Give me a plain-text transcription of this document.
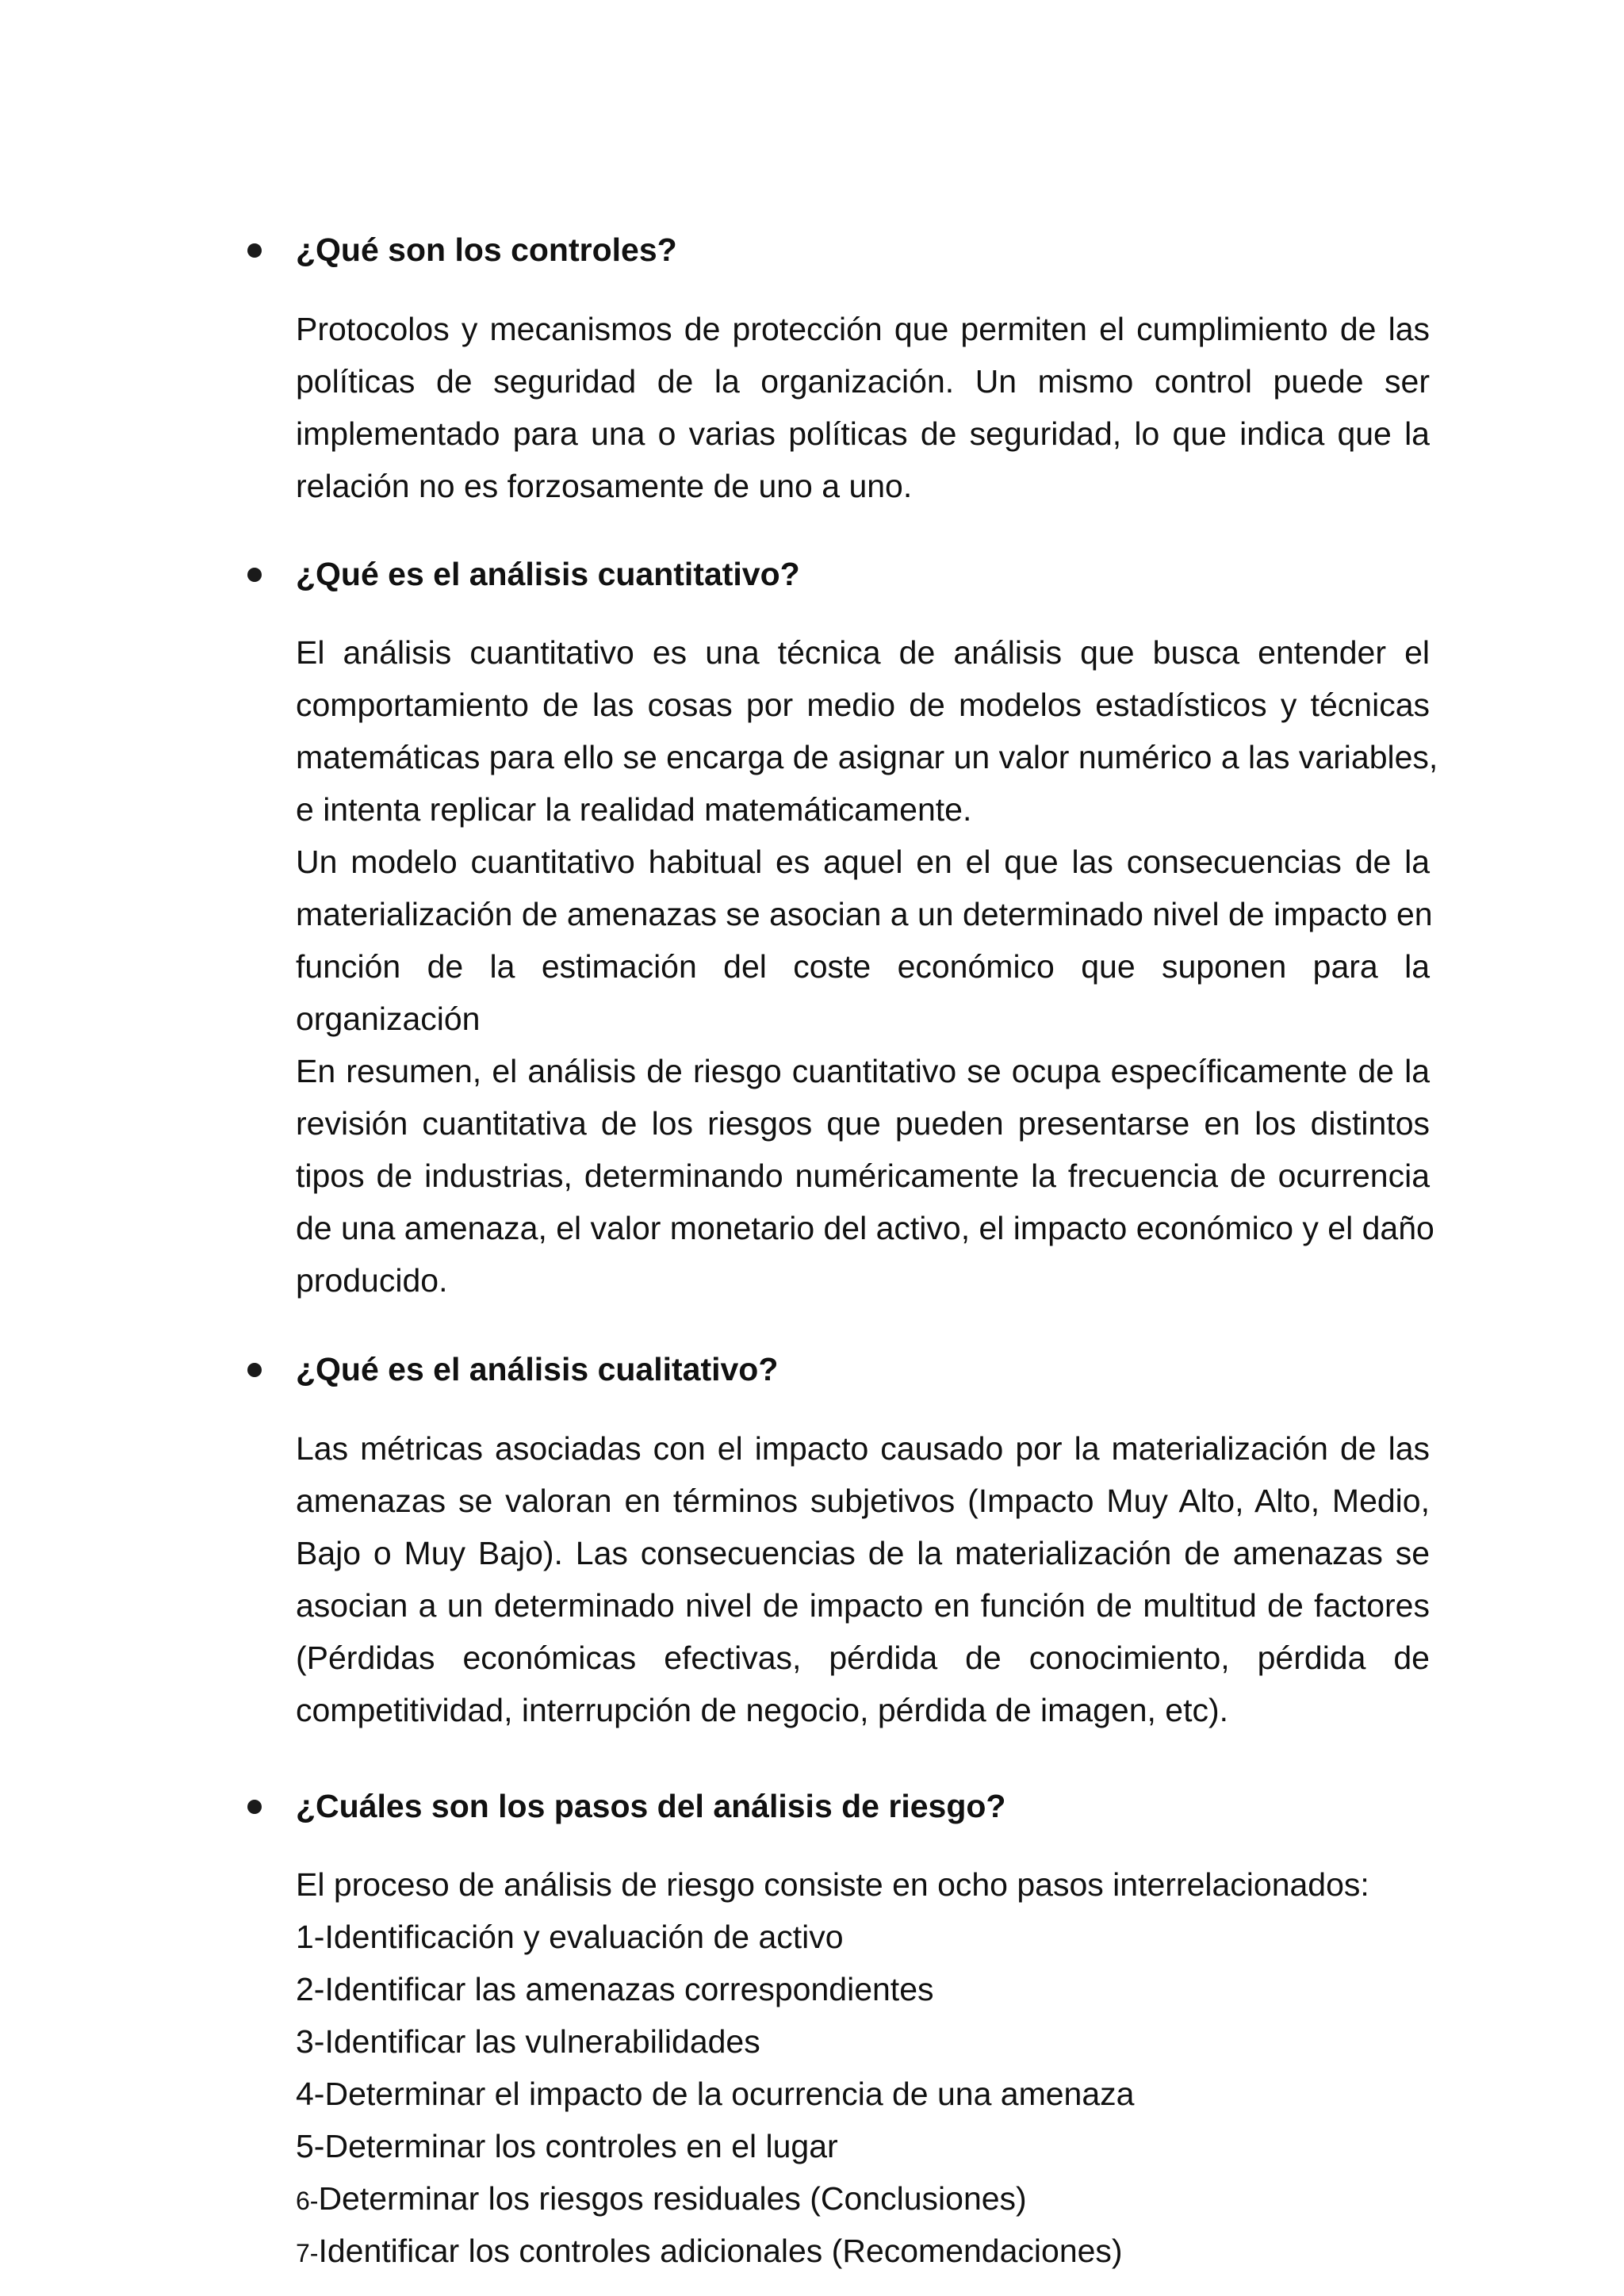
¿Qué son los controles?
Protocolos y mecanismos de protección que permiten el cumplimiento de las
políticas de seguridad de la organización. Un mismo control puede ser
implementado para una o varias políticas de seguridad, lo que indica que la
relación no es forzosamente de uno a uno.
¿Qué es el análisis cuantitativo?
El análisis cuantitativo es una técnica de análisis que busca entender el
comportamiento de las cosas por medio de modelos estadísticos y técnicas
matemáticas para ello se encarga de asignar un valor numérico a las variables,
e intenta replicar la realidad matemáticamente.
Un modelo cuantitativo habitual es aquel en el que las consecuencias de la
materialización de amenazas se asocian a un determinado nivel de impacto en
función de la estimación del coste económico que suponen para la
organización
En resumen, el análisis de riesgo cuantitativo se ocupa específicamente de la
revisión cuantitativa de los riesgos que pueden presentarse en los distintos
tipos de industrias, determinando numéricamente la frecuencia de ocurrencia
de una amenaza, el valor monetario del activo, el impacto económico y el daño
producido.
¿Qué es el análisis cualitativo?
Las métricas asociadas con el impacto causado por la materialización de las
amenazas se valoran en términos subjetivos (Impacto Muy Alto, Alto, Medio,
Bajo o Muy Bajo). Las consecuencias de la materialización de amenazas se
asocian a un determinado nivel de impacto en función de multitud de factores
(Pérdidas económicas efectivas, pérdida de conocimiento, pérdida de
competitividad, interrupción de negocio, pérdida de imagen, etc).
¿Cuáles son los pasos del análisis de riesgo?
El proceso de análisis de riesgo consiste en ocho pasos interrelacionados:
1-Identificación y evaluación de activo
2-Identificar las amenazas correspondientes
3-Identificar las vulnerabilidades
4-Determinar el impacto de la ocurrencia de una amenaza
5-Determinar los controles en el lugar
6-Determinar los riesgos residuales (Conclusiones)
7-Identificar los controles adicionales (Recomendaciones)
